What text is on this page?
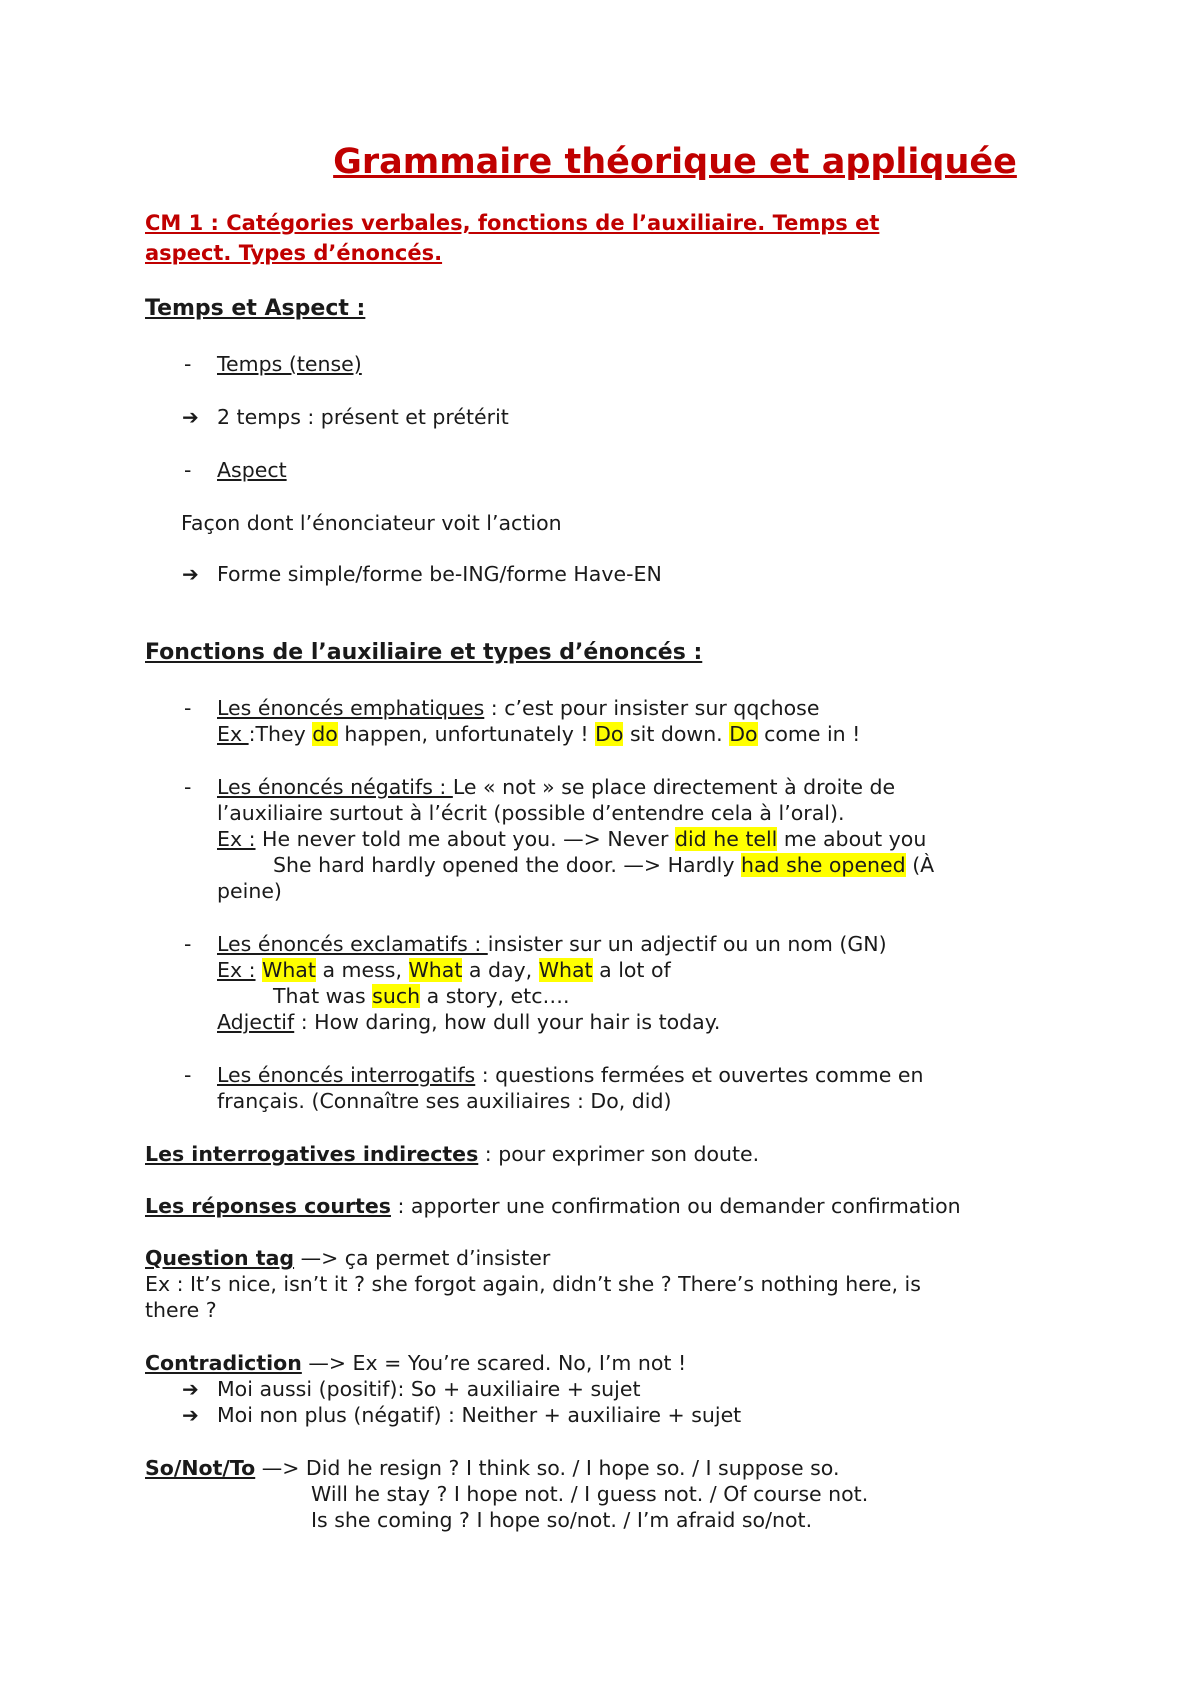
Grammaire théorique et appliquée
CM 1 : Catégories verbales, fonctions de l’auxiliaire. Temps et
aspect. Types d’énoncés.
Temps et Aspect :
- Temps (tense)
➔ 2 temps : présent et prétérit
- Aspect
Façon dont l’énonciateur voit l’action
➔ Forme simple/forme be-ING/forme Have-EN
Fonctions de l’auxiliaire et types d’énoncés :
- Les énoncés emphatiques : c’est pour insister sur qqchose
Ex :They do happen, unfortunately ! Do sit down. Do come in !
- Les énoncés négatifs : Le « not » se place directement à droite de
l’auxiliaire surtout à l’écrit (possible d’entendre cela à l’oral).
Ex : He never told me about you. —> Never did he tell me about you
She hard hardly opened the door. —> Hardly had she opened (À
peine)
- Les énoncés exclamatifs : insister sur un adjectif ou un nom (GN)
Ex : What a mess, What a day, What a lot of
That was such a story, etc….
Adjectif : How daring, how dull your hair is today.
- Les énoncés interrogatifs : questions fermées et ouvertes comme en
français. (Connaître ses auxiliaires : Do, did)
Les interrogatives indirectes : pour exprimer son doute.
Les réponses courtes : apporter une confirmation ou demander confirmation
Question tag —> ça permet d’insister
Ex : It’s nice, isn’t it ? she forgot again, didn’t she ? There’s nothing here, is
there ?
Contradiction —> Ex = You’re scared. No, I’m not !
➔ Moi aussi (positif): So + auxiliaire + sujet
➔ Moi non plus (négatif) : Neither + auxiliaire + sujet
So/Not/To —> Did he resign ? I think so. / I hope so. / I suppose so.
Will he stay ? I hope not. / I guess not. / Of course not.
Is she coming ? I hope so/not. / I’m afraid so/not.
